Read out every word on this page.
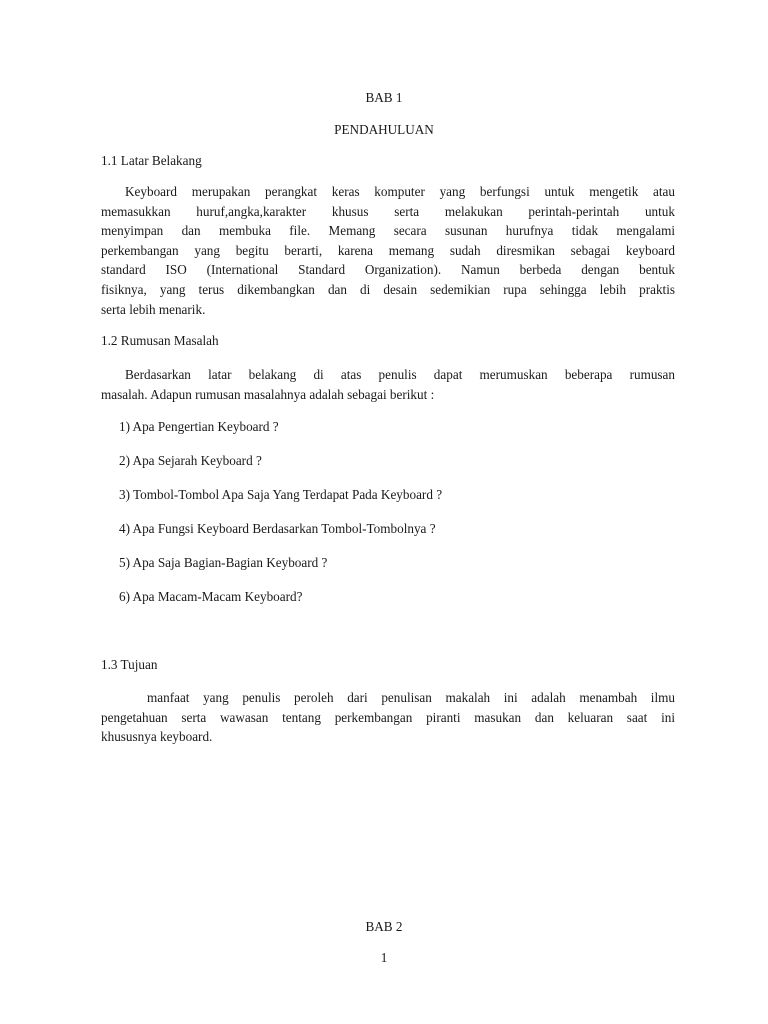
BAB 1

PENDAHULUAN

1.1 Latar Belakang

Keyboard merupakan perangkat keras komputer yang berfungsi untuk mengetik atau
memasukkan huruf,angka,karakter khusus serta melakukan perintah-perintah untuk
menyimpan dan membuka file. Memang secara susunan hurufnya tidak mengalami
perkembangan yang begitu berarti, karena memang sudah diresmikan sebagai keyboard
standard ISO (International Standard Organization). Namun berbeda dengan bentuk
fisiknya, yang terus dikembangkan dan di desain sedemikian rupa sehingga lebih praktis
serta lebih menarik.

1.2 Rumusan Masalah

Berdasarkan latar belakang di atas penulis dapat merumuskan beberapa rumusan
masalah. Adapun rumusan masalahnya adalah sebagai berikut :

1) Apa Pengertian Keyboard ?

2) Apa Sejarah Keyboard ?

3) Tombol-Tombol Apa Saja Yang Terdapat Pada Keyboard ?

4) Apa Fungsi Keyboard Berdasarkan Tombol-Tombolnya ?

5) Apa Saja Bagian-Bagian Keyboard ?

6) Apa Macam-Macam Keyboard?

1.3 Tujuan

manfaat yang penulis peroleh dari penulisan makalah ini adalah menambah ilmu
pengetahuan serta wawasan tentang perkembangan piranti masukan dan keluaran saat ini
khususnya keyboard.

BAB 2

1
